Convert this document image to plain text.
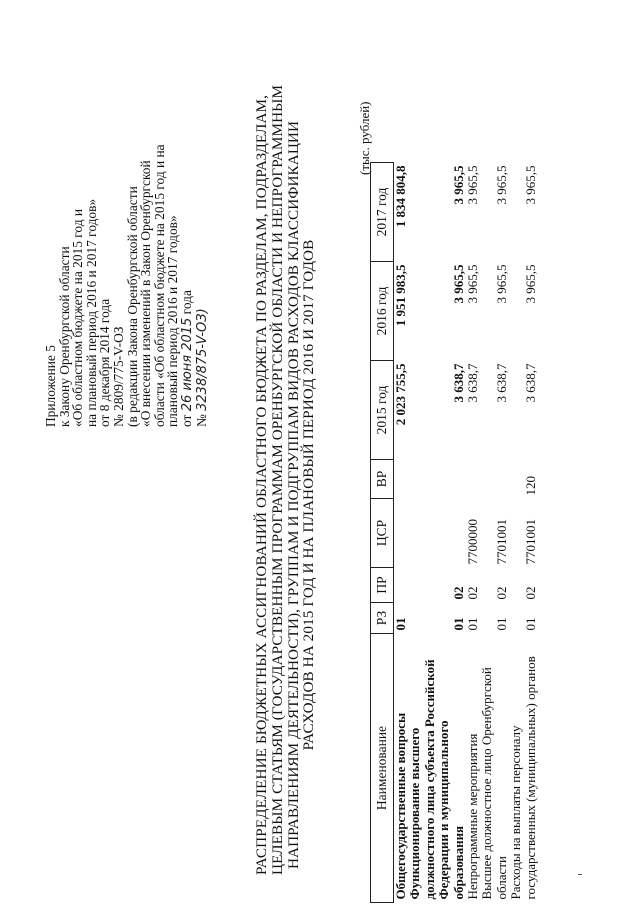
Приложение 5
к Закону Оренбургской области
«Об областном бюджете на 2015 год и
на плановый период 2016 и 2017 годов»
от 8 декабря 2014 года
№ 2809/775-V-ОЗ
(в редакции Закона Оренбургской области
«О внесении изменений в Закон Оренбургской
области «Об областном бюджете на 2015 год и на
плановый период 2016 и 2017 годов»
от 26 июня 2015 года
№ 3238/875-V-ОЗ)	РАСПРЕДЕЛЕНИЕ БЮДЖЕТНЫХ АССИГНОВАНИЙ ОБЛАСТНОГО БЮДЖЕТА ПО РАЗДЕЛАМ, ПОДРАЗДЕЛАМ,
ЦЕЛЕВЫМ СТАТЬЯМ (ГОСУДАРСТВЕННЫМ ПРОГРАММАМ ОРЕНБУРГСКОЙ ОБЛАСТИ И НЕПРОГРАММНЫМ
НАПРАВЛЕНИЯМ ДЕЯТЕЛЬНОСТИ), ГРУППАМ И ПОДГРУППАМ ВИДОВ РАСХОДОВ КЛАССИФИКАЦИИ
РАСХОДОВ НА 2015 ГОД И НА ПЛАНОВЫЙ ПЕРИОД 2016 И 2017 ГОДОВ
(тыс. рублей)
Наименование	РЗ	ПР	ЦСР	ВР	2015 год	2016 год	2017 год

Общегосударственные вопросы	01				2 023 755,5	1 951 983,5	1 834 804,8

Функционирование высшего должностного лица субъекта Российской Федерации и муниципального образования	01	02			3 638,7	3 965,5	3 965,5

Непрограммные мероприятия	01	02	7700000		3 638,7	3 965,5	3 965,5

Высшее должностное лицо Оренбургской области	01	02	7701001		3 638,7	3 965,5	3 965,5

Расходы на выплаты персоналу государственных (муниципальных) органов	01	02	7701001	120	3 638,7	3 965,5	3 965,5
